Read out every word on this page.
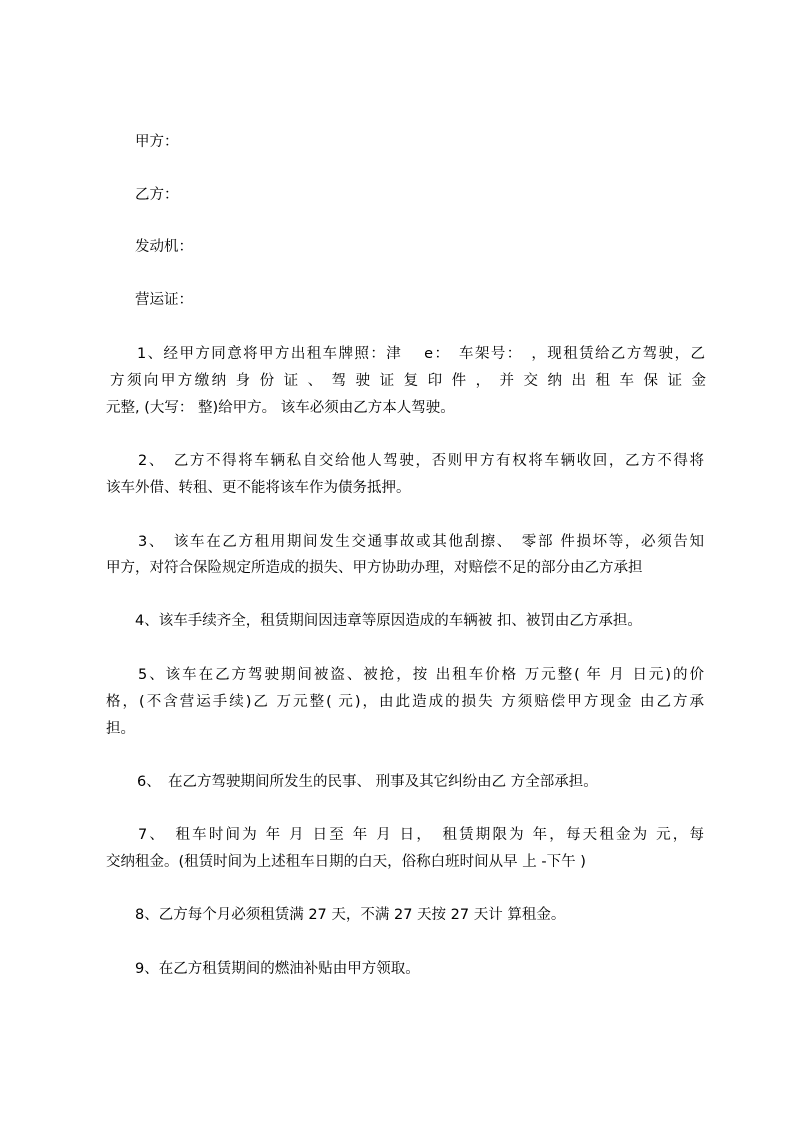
甲方：
乙方：
发动机：
营运证：
1、经甲方同意将甲方出租车牌照：津　 e：　车架号：　，现租赁给乙方驾驶，乙
方须向甲方缴纳 身 份 证 、 驾 驶 证 复 印 件 ， 并 交 纳 出 租 车 保 证 金
元整, (大写： 整)给甲方。 该车必须由乙方本人驾驶。
2、　乙方不得将车辆私自交给他人驾驶，否则甲方有权将车辆收回，乙方不得将
该车外借、转租、更不能将该车作为债务抵押。
3、　该车在乙方租用期间发生交通事故或其他刮擦、　零部 件损坏等，必须告知
甲方，对符合保险规定所造成的损失、甲方协助办理，对赔偿不足的部分由乙方承担
4、该车手续齐全，租赁期间因违章等原因造成的车辆被 扣、被罚由乙方承担。
5、该车在乙方驾驶期间被盗、被抢，按 出租车价格 万元整( 年 月 日元)的价
格，(不含营运手续)乙 万元整( 元)，由此造成的损失 方须赔偿甲方现金 由乙方承
担。
6、　在乙方驾驶期间所发生的民事、 刑事及其它纠纷由乙 方全部承担。
7、　租车时间为 年 月 日至 年 月 日，　租赁期限为 年，每天租金为 元，每
交纳租金。(租赁时间为上述租车日期的白天，俗称白班时间从早 上 -下午 )
8、乙方每个月必须租赁满 27 天，不满 27 天按 27 天计 算租金。
9、在乙方租赁期间的燃油补贴由甲方领取。
